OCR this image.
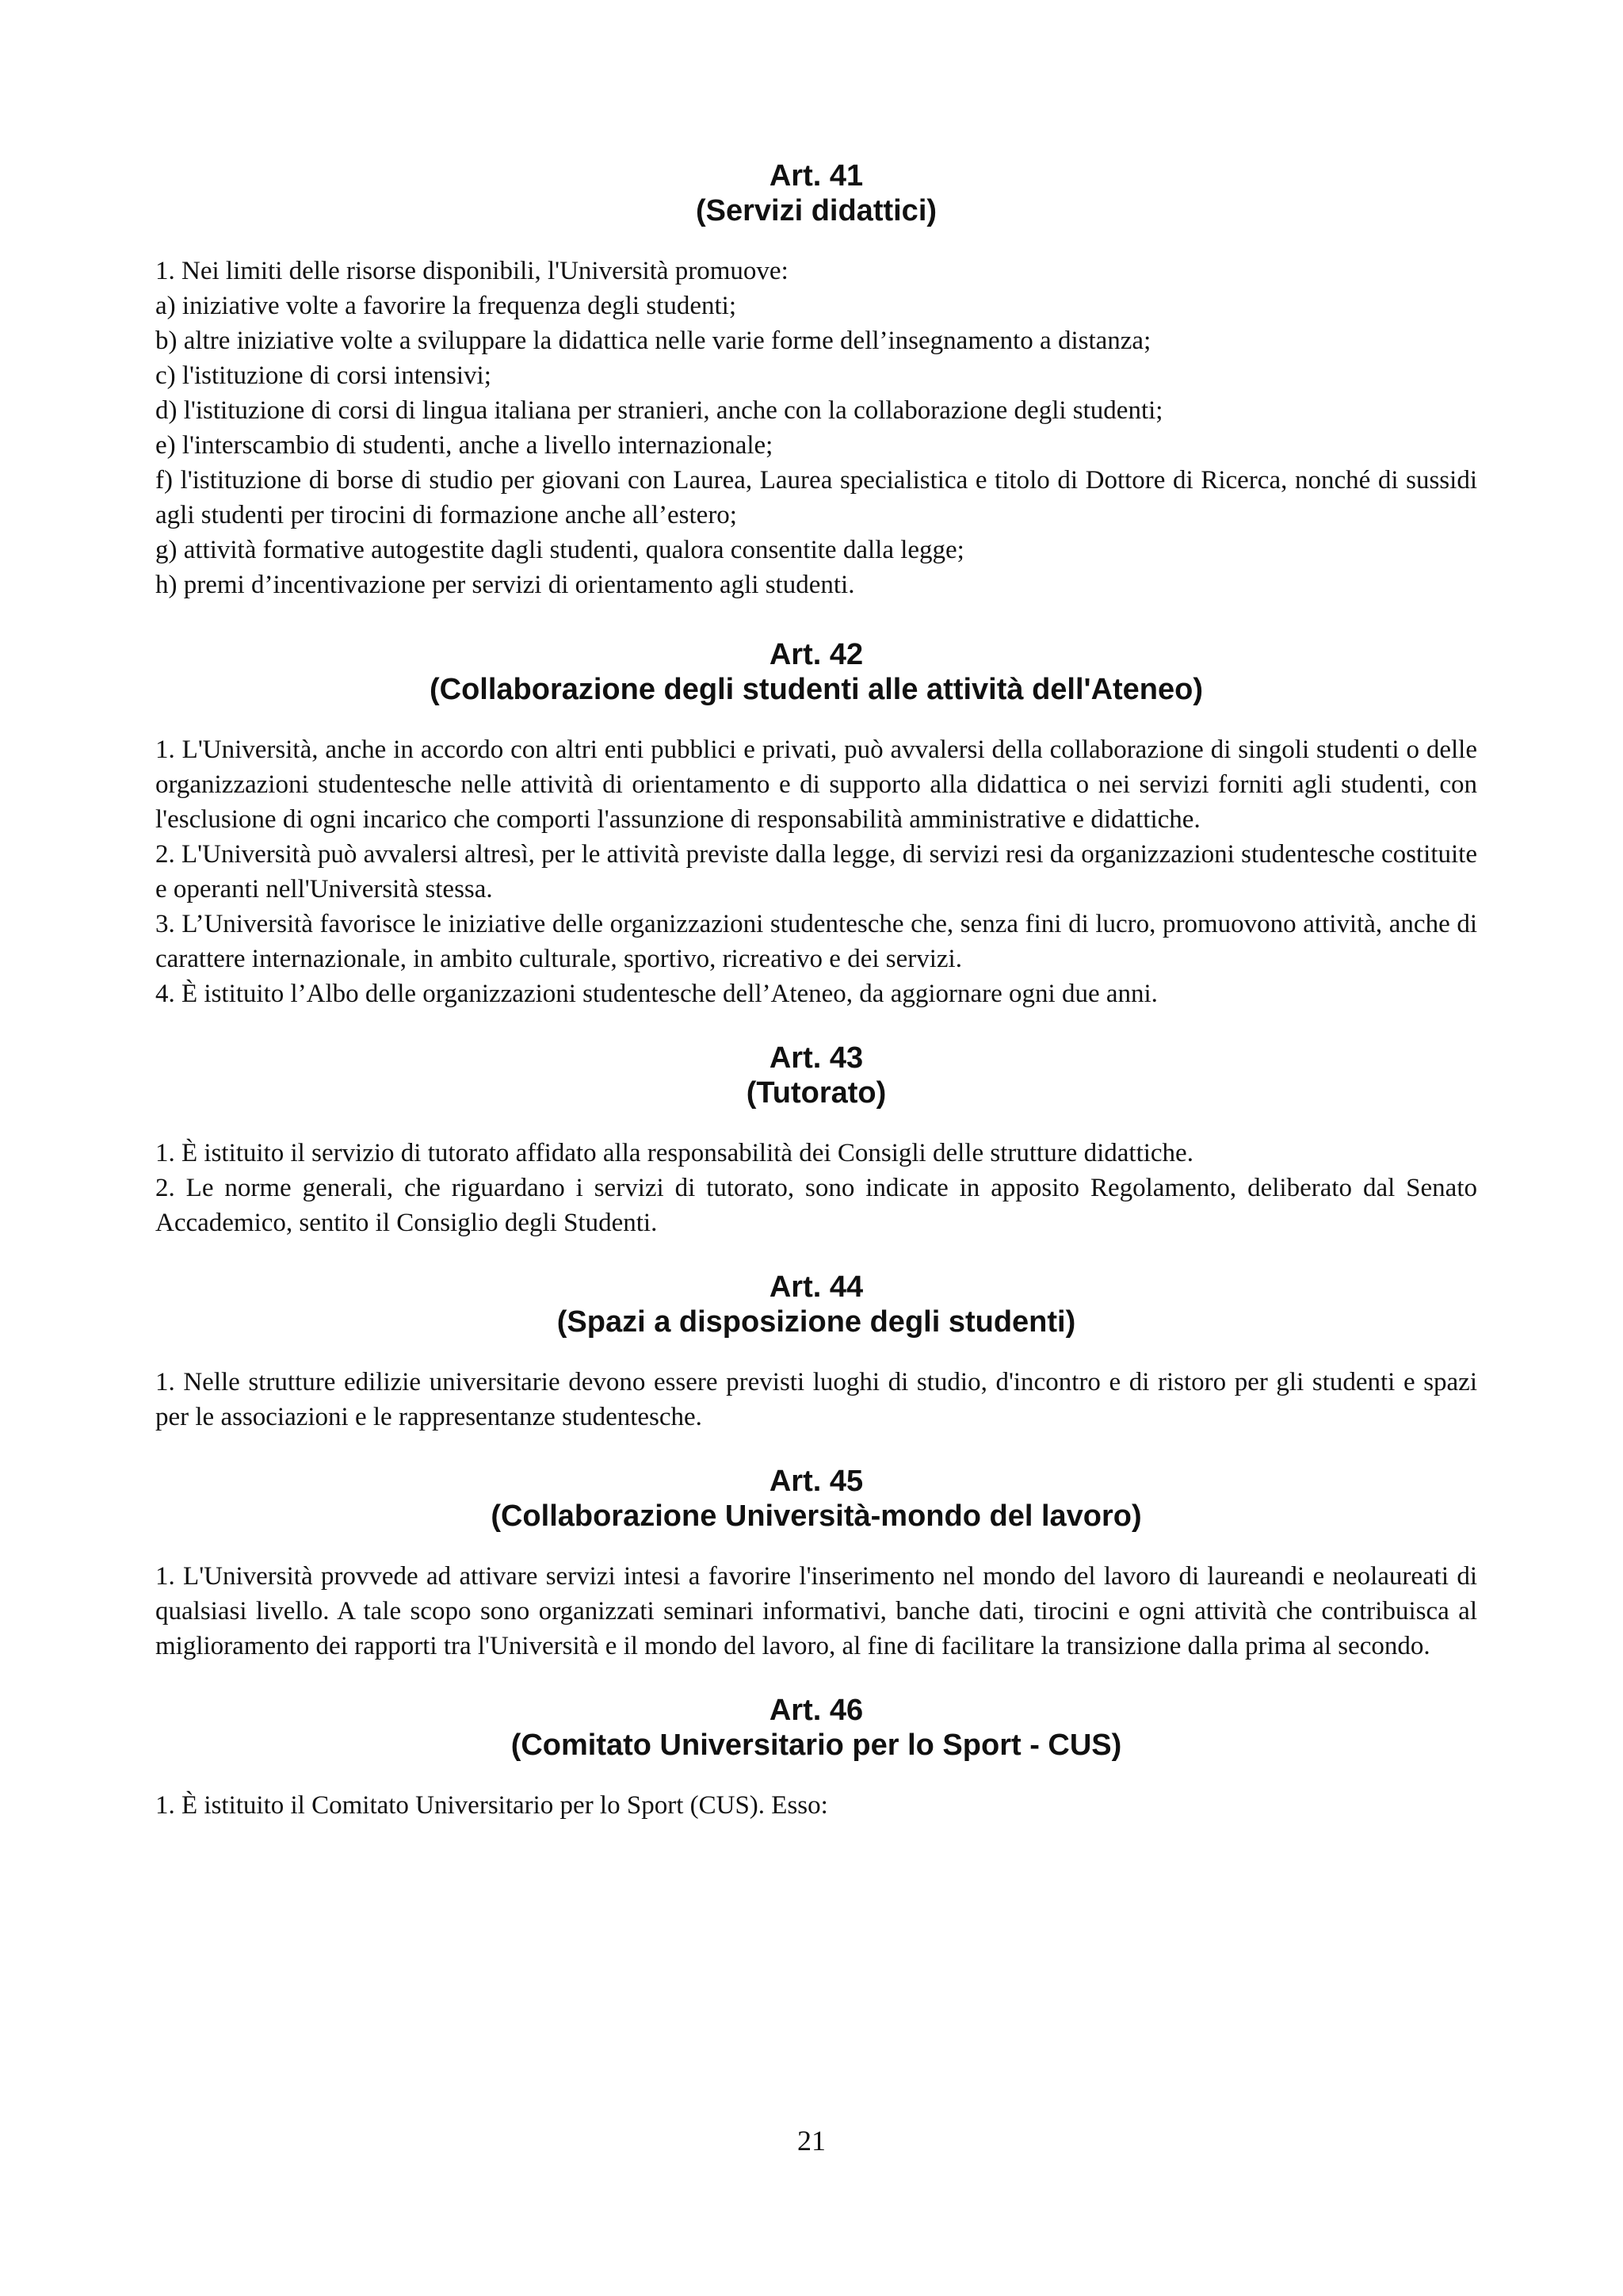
Art. 41
(Servizi didattici)
1. Nei limiti delle risorse disponibili, l'Università promuove:
a) iniziative volte a favorire la frequenza degli studenti;
b) altre iniziative volte a sviluppare la didattica nelle varie forme dell’insegnamento a distanza;
c) l'istituzione di corsi intensivi;
d) l'istituzione di corsi di lingua italiana per stranieri, anche con la collaborazione degli studenti;
e) l'interscambio di studenti, anche a livello internazionale;

f) l'istituzione di borse di studio per giovani con Laurea, Laurea specialistica e titolo di Dottore di Ricerca, nonché di sussidi agli studenti per tirocini di formazione anche all’estero;

g) attività formative autogestite dagli studenti, qualora consentite dalla legge;
h) premi d’incentivazione per servizi di orientamento agli studenti.
Art. 42
(Collaborazione degli studenti alle attività dell'Ateneo)

1. L'Università, anche in accordo con altri enti pubblici e privati, può avvalersi della collaborazione di singoli studenti o delle organizzazioni studentesche nelle attività di orientamento e di supporto alla didattica o nei servizi forniti agli studenti, con l'esclusione di ogni incarico che comporti l'assunzione di responsabilità amministrative e didattiche.

2. L'Università può avvalersi altresì, per le attività previste dalla legge, di servizi resi da organizzazioni studentesche costituite e operanti nell'Università stessa.

3. L’Università favorisce le iniziative delle organizzazioni studentesche che, senza fini di lucro, promuovono attività, anche di carattere internazionale, in ambito culturale, sportivo, ricreativo e dei servizi.

4. È istituito l’Albo delle organizzazioni studentesche dell’Ateneo, da aggiornare ogni due anni.

Art. 43
(Tutorato)

1. È istituito il servizio di tutorato affidato alla responsabilità dei Consigli delle strutture didattiche.

2. Le norme generali, che riguardano i servizi di tutorato, sono indicate in apposito Regolamento, deliberato dal Senato Accademico, sentito il Consiglio degli Studenti.

Art. 44
(Spazi a disposizione degli studenti)

1. Nelle strutture edilizie universitarie devono essere previsti luoghi di studio, d'incontro e di ristoro per gli studenti e spazi per le associazioni e le rappresentanze studentesche.

Art. 45
(Collaborazione Università-mondo del lavoro)

1. L'Università provvede ad attivare servizi intesi a favorire l'inserimento nel mondo del lavoro di laureandi e neolaureati di qualsiasi livello. A tale scopo sono organizzati seminari informativi, banche dati, tirocini e ogni attività che contribuisca al miglioramento dei rapporti tra l'Università e il mondo del lavoro, al fine di facilitare la transizione dalla prima al secondo.

Art. 46
(Comitato Universitario per lo Sport - CUS)

1. È istituito il Comitato Universitario per lo Sport (CUS). Esso:

21
